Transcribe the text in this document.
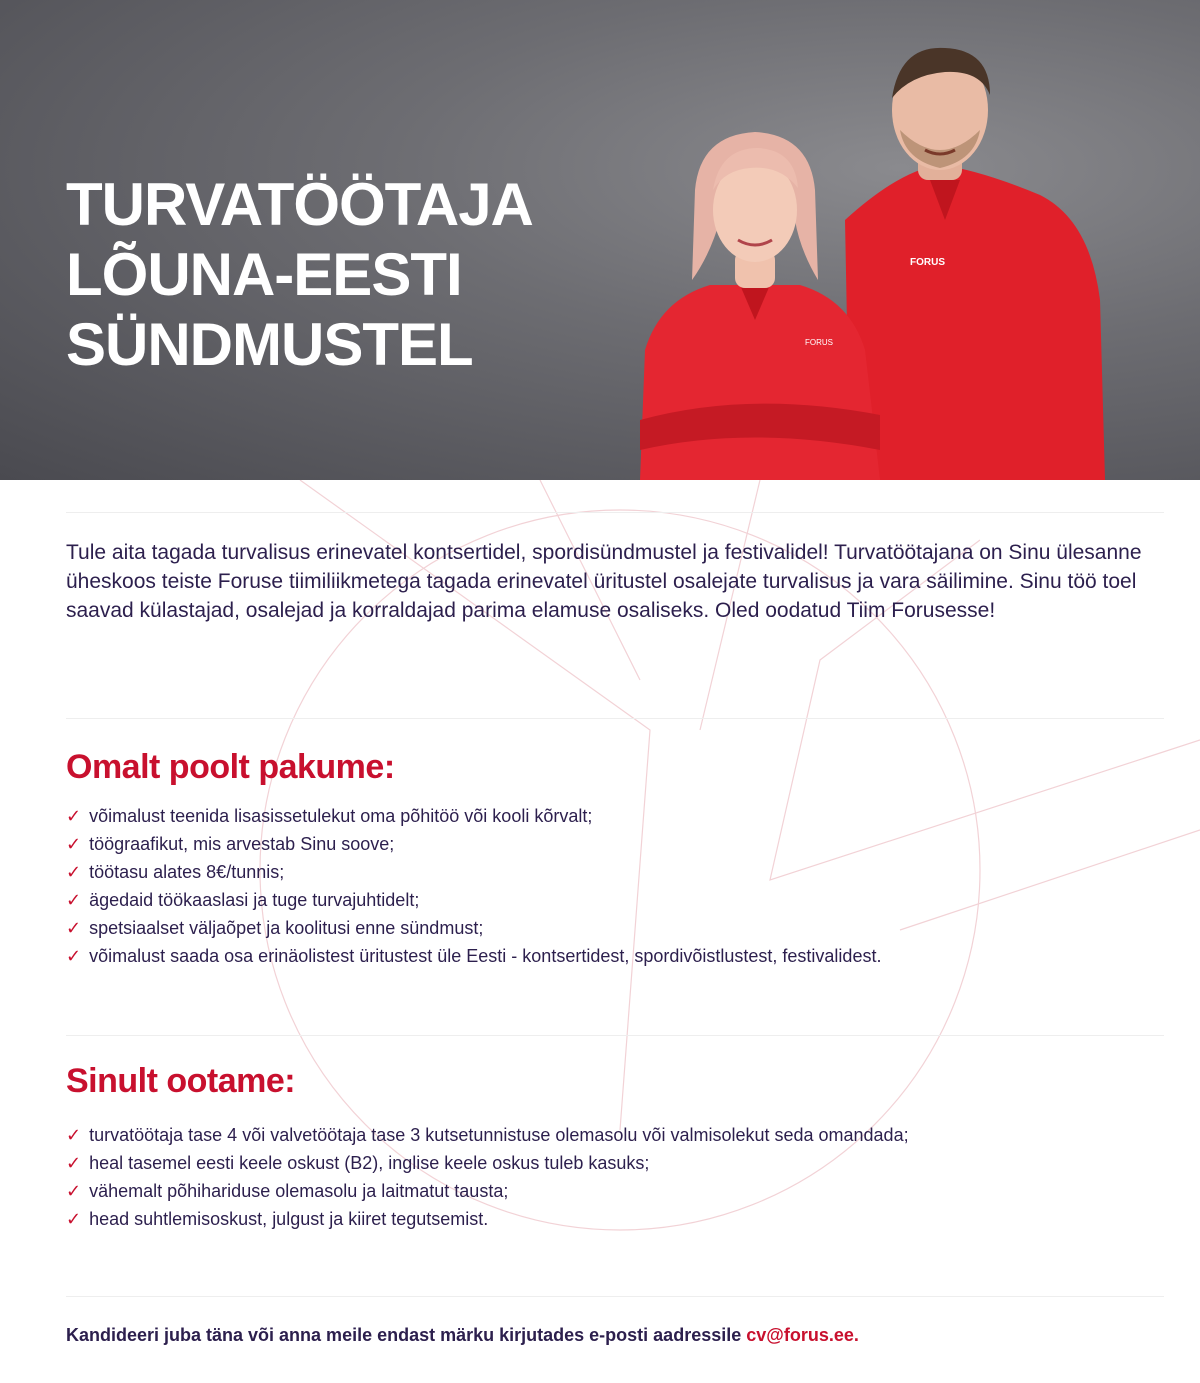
TURVATÖÖTAJA
LÕUNA-EESTI
SÜNDMUSTEL
FORUS
FORUS

Tule aita tagada turvalisus erinevatel kontsertidel, spordisündmustel ja festivalidel! Turvatöötajana on Sinu ülesanne üheskoos teiste Foruse tiimiliikmetega tagada erinevatel üritustel osalejate turvalisus ja vara säilimine. Sinu töö toel saavad külastajad, osalejad ja korraldajad parima elamuse osaliseks. Oled oodatud Tiim Forusesse!

Omalt poolt pakume:
✓ võimalust teenida lisasissetulekut oma põhitöö või kooli kõrvalt;
✓ töögraafikut, mis arvestab Sinu soove;
✓ töötasu alates 8€/tunnis;
✓ ägedaid töökaaslasi ja tuge turvajuhtidelt;
✓ spetsiaalset väljaõpet ja koolitusi enne sündmust;
✓ võimalust saada osa erinäolistest üritustest üle Eesti - kontsertidest, spordivõistlustest, festivalidest.
Sinult ootame:
✓ turvatöötaja tase 4 või valvetöötaja tase 3 kutsetunnistuse olemasolu või valmisolekut seda omandada;
✓ heal tasemel eesti keele oskust (B2), inglise keele oskus tuleb kasuks;
✓ vähemalt põhihariduse olemasolu ja laitmatut tausta;
✓ head suhtlemisoskust, julgust ja kiiret tegutsemist.

Kandideeri juba täna või anna meile endast märku kirjutades e-posti aadressile cv@forus.ee.
